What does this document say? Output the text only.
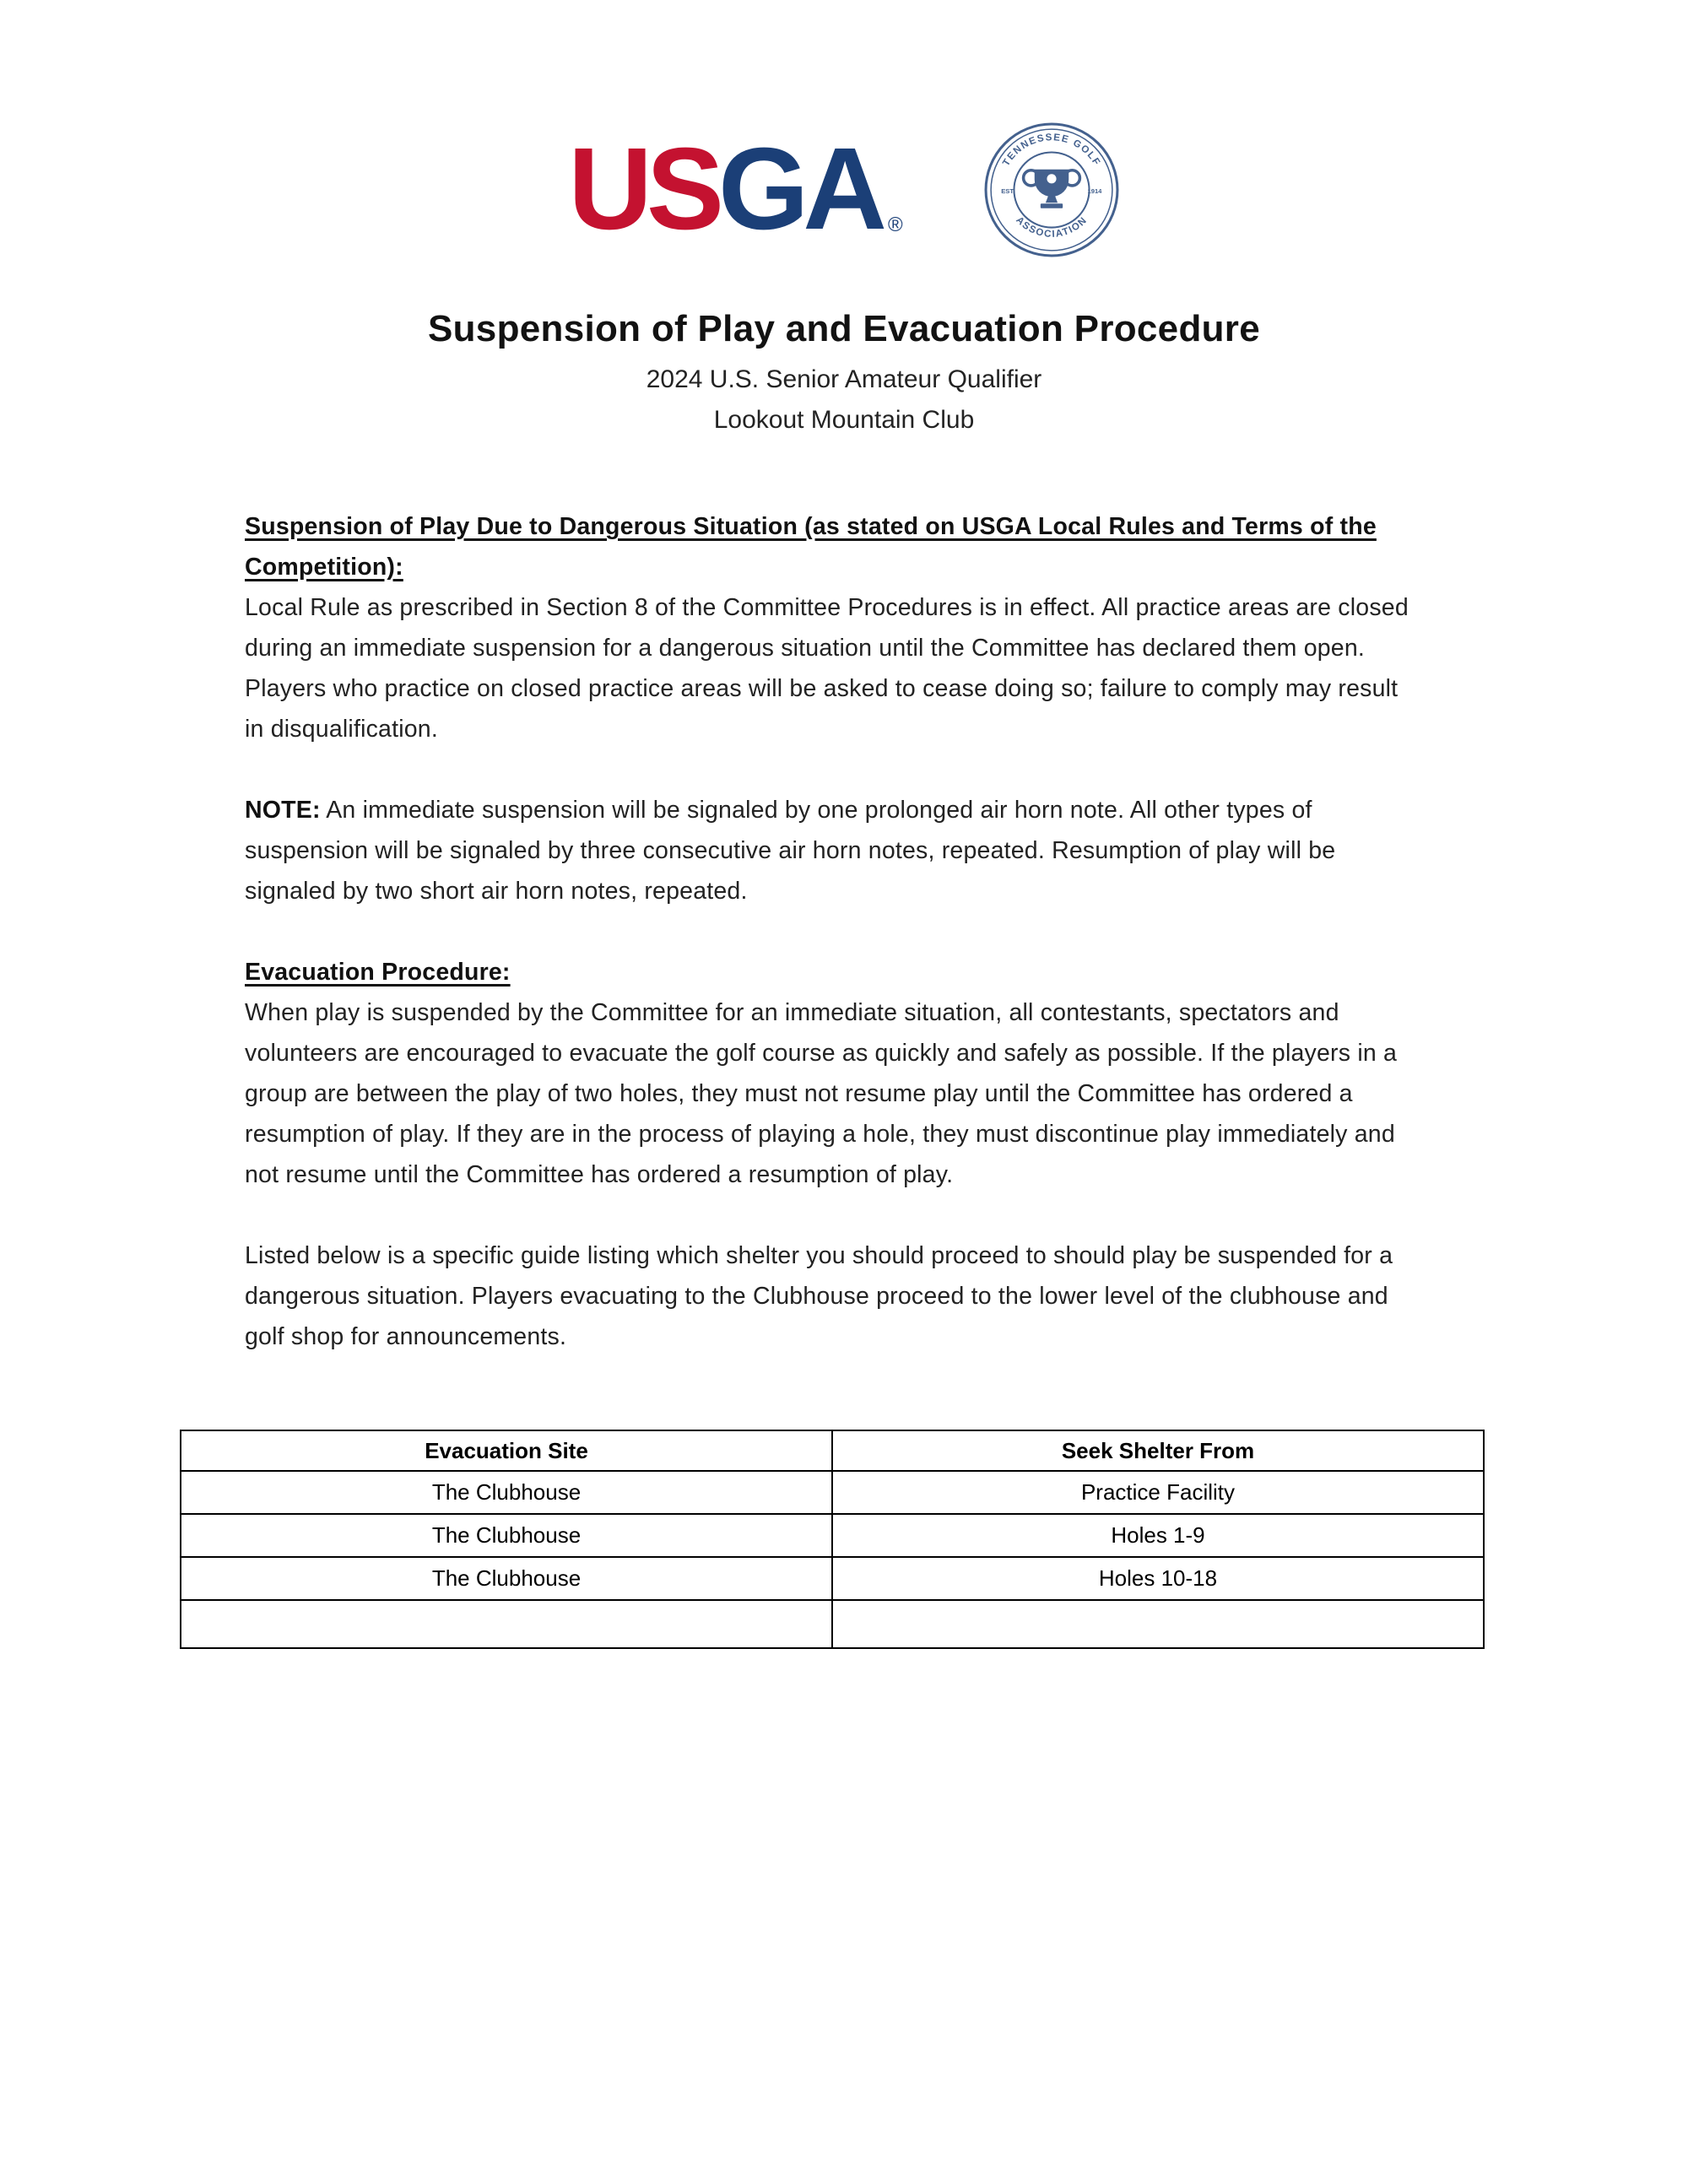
US GA ®
TENNESSEE GOLF
ASSOCIATION
EST.	1914
Suspension of Play and Evacuation Procedure
2024 U.S. Senior Amateur Qualifier
Lookout Mountain Club
Suspension of Play Due to Dangerous Situation (as stated on USGA Local Rules and Terms of the Competition):
Local Rule as prescribed in Section 8 of the Committee Procedures is in effect. All practice areas are closed during an immediate suspension for a dangerous situation until the Committee has declared them open. Players who practice on closed practice areas will be asked to cease doing so; failure to comply may result in disqualification.
NOTE: An immediate suspension will be signaled by one prolonged air horn note. All other types of suspension will be signaled by three consecutive air horn notes, repeated. Resumption of play will be signaled by two short air horn notes, repeated.
Evacuation Procedure:
When play is suspended by the Committee for an immediate situation, all contestants, spectators and volunteers are encouraged to evacuate the golf course as quickly and safely as possible. If the players in a group are between the play of two holes, they must not resume play until the Committee has ordered a resumption of play. If they are in the process of playing a hole, they must discontinue play immediately and not resume until the Committee has ordered a resumption of play.
Listed below is a specific guide listing which shelter you should proceed to should play be suspended for a dangerous situation. Players evacuating to the Clubhouse proceed to the lower level of the clubhouse and golf shop for announcements.
Evacuation Site	Seek Shelter From
The Clubhouse	Practice Facility
The Clubhouse	Holes 1-9
The Clubhouse	Holes 10-18
